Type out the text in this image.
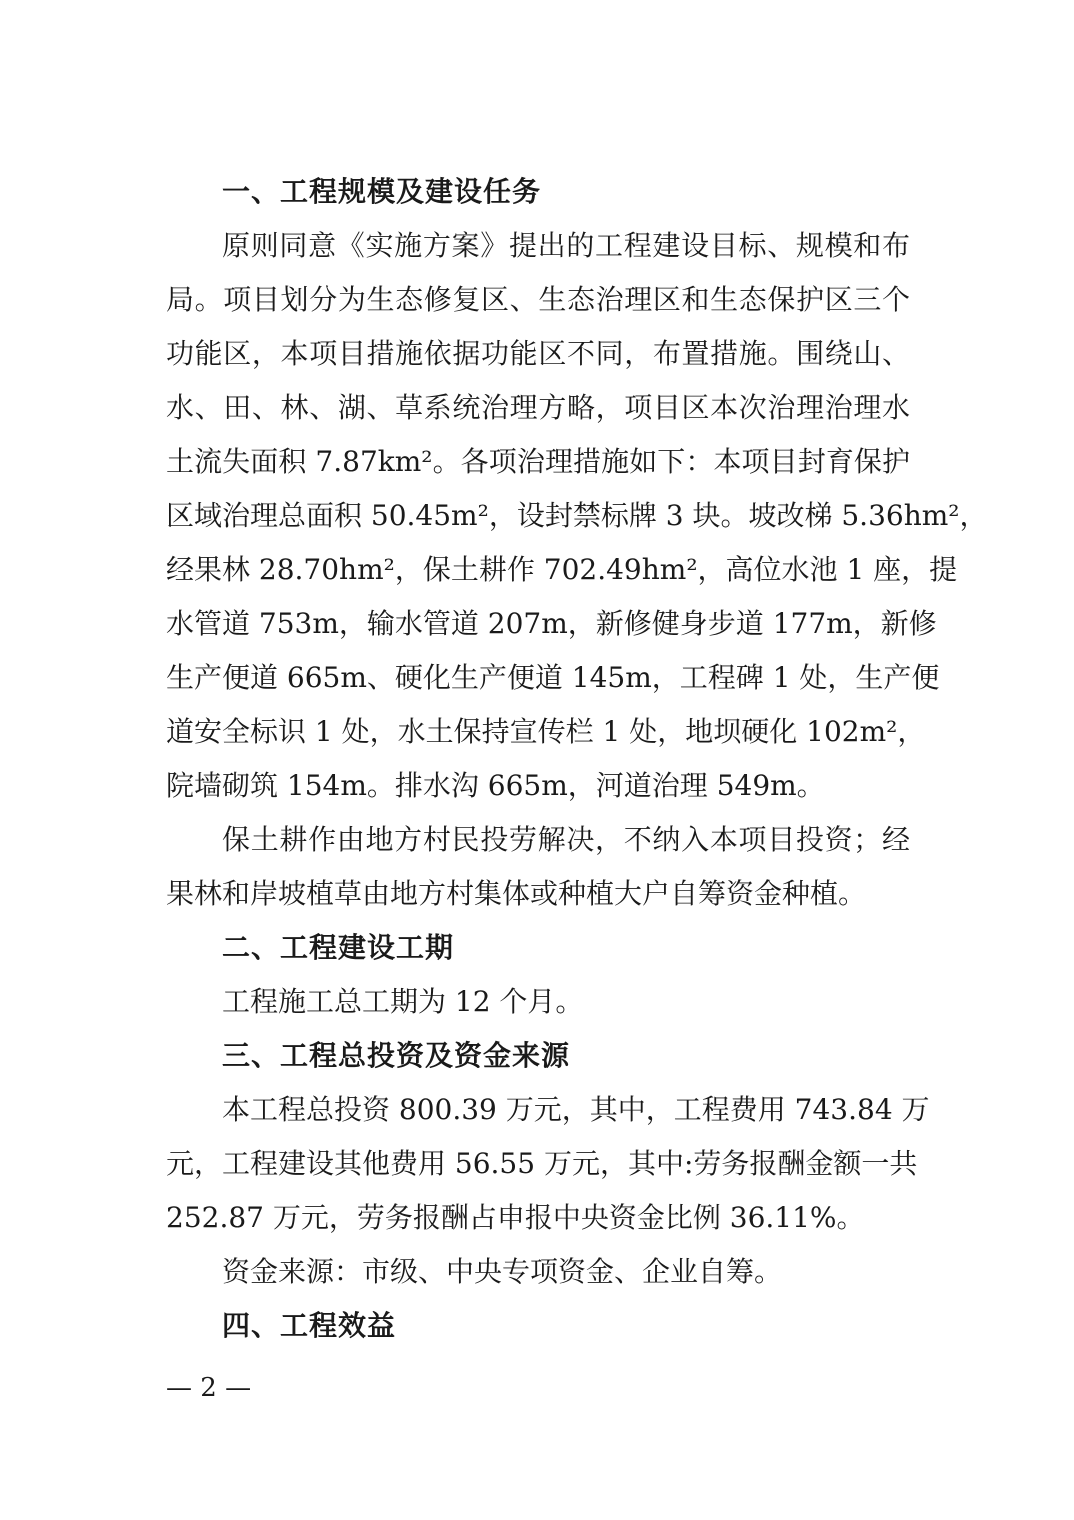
一、工程规模及建设任务
原则同意《实施方案》提出的工程建设目标、规模和布
局。项目划分为生态修复区、生态治理区和生态保护区三个
功能区，本项目措施依据功能区不同，布置措施。围绕山、
水、田、林、湖、草系统治理方略，项目区本次治理治理水
土流失面积 7.87km²。各项治理措施如下：本项目封育保护
区域治理总面积 50.45m²，设封禁标牌 3 块。坡改梯 5.36hm²，
经果林 28.70hm²，保土耕作 702.49hm²，高位水池 1 座，提
水管道 753m，输水管道 207m，新修健身步道 177m，新修
生产便道 665m、硬化生产便道 145m，工程碑 1 处，生产便
道安全标识 1 处，水土保持宣传栏 1 处，地坝硬化 102m²，
院墙砌筑 154m。排水沟 665m，河道治理 549m。
保土耕作由地方村民投劳解决，不纳入本项目投资；经
果林和岸坡植草由地方村集体或种植大户自筹资金种植。
二、工程建设工期
工程施工总工期为 12 个月。
三、工程总投资及资金来源
本工程总投资 800.39 万元，其中，工程费用 743.84 万
元，工程建设其他费用 56.55 万元，其中:劳务报酬金额一共
252.87 万元，劳务报酬占申报中央资金比例 36.11%。
资金来源：市级、中央专项资金、企业自筹。
四、工程效益
— 2 —
